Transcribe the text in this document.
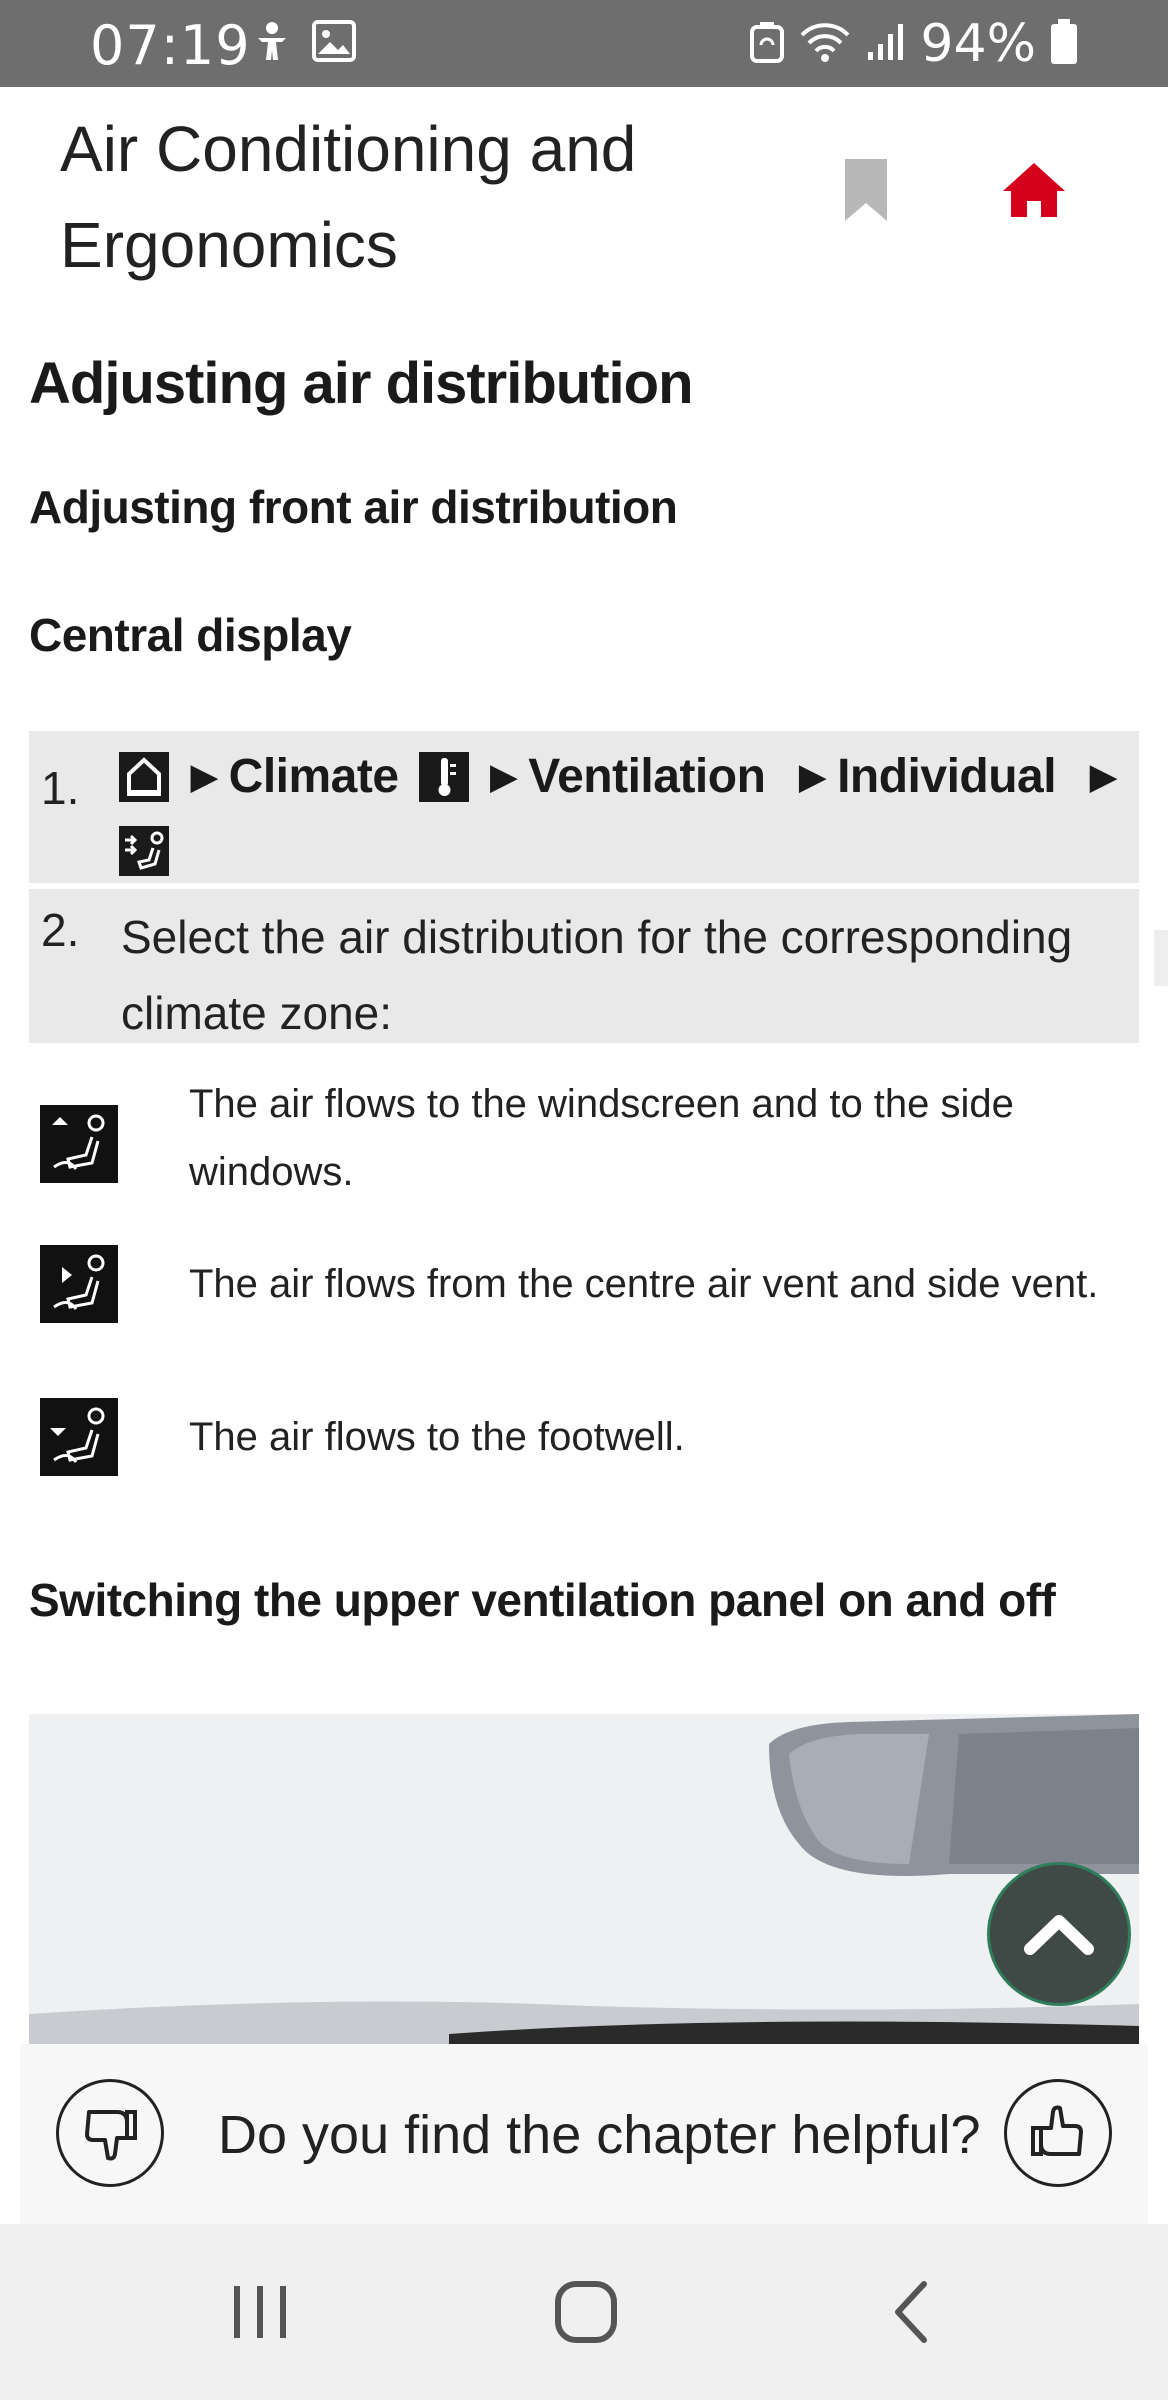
07:19	94%
Air Conditioning and Ergonomics
Adjusting air distribution
Adjusting front air distribution
Central display
1.	▶ Climate	▶ Ventilation ▶ Individual ▶
2. Select the air distribution for the corresponding climate zone:
The air flows to the windscreen and to the side windows.
The air flows from the centre air vent and side vent.
The air flows to the footwell.
Switching the upper ventilation panel on and off
Do you find the chapter helpful?
